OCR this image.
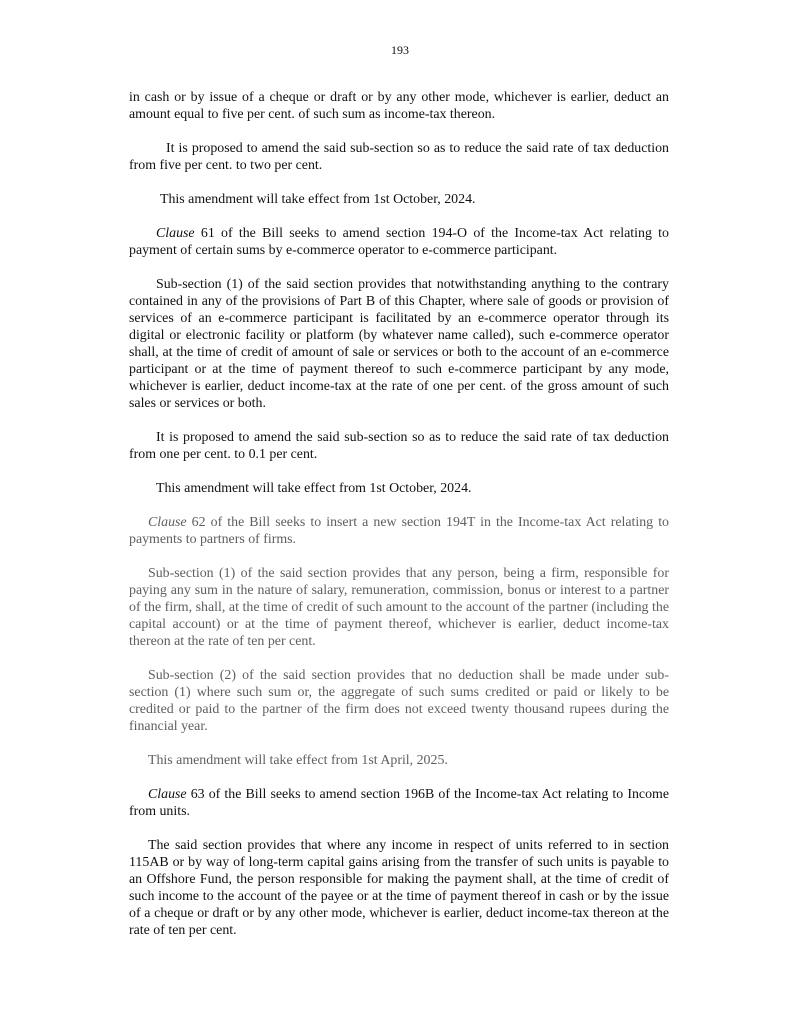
193

in cash or by issue of a cheque or draft or by any other mode, whichever is earlier, deduct an amount equal to five per cent. of such sum as income-tax thereon.

It is proposed to amend the said sub-section so as to reduce the said rate of tax deduction from five per cent. to two per cent.

This amendment will take effect from 1st October, 2024.

Clause 61 of the Bill seeks to amend section 194-O of the Income-tax Act relating to payment of certain sums by e-commerce operator to e-commerce participant.

Sub-section (1) of the said section provides that notwithstanding anything to the contrary contained in any of the provisions of Part B of this Chapter, where sale of goods or provision of services of an e-commerce participant is facilitated by an e-commerce operator through its digital or electronic facility or platform (by whatever name called), such e-commerce operator shall, at the time of credit of amount of sale or services or both to the account of an e-commerce participant or at the time of payment thereof to such e-commerce participant by any mode, whichever is earlier, deduct income-tax at the rate of one per cent. of the gross amount of such sales or services or both.

It is proposed to amend the said sub-section so as to reduce the said rate of tax deduction from one per cent. to 0.1 per cent.

This amendment will take effect from 1st October, 2024.

Clause 62 of the Bill seeks to insert a new section 194T in the Income-tax Act relating to payments to partners of firms.

Sub-section (1) of the said section provides that any person, being a firm, responsible for paying any sum in the nature of salary, remuneration, commission, bonus or interest to a partner of the firm, shall, at the time of credit of such amount to the account of the partner (including the capital account) or at the time of payment thereof, whichever is earlier, deduct income-tax thereon at the rate of ten per cent.

Sub-section (2) of the said section provides that no deduction shall be made under sub-section (1) where such sum or, the aggregate of such sums credited or paid or likely to be credited or paid to the partner of the firm does not exceed twenty thousand rupees during the financial year.

This amendment will take effect from 1st April, 2025.

Clause 63 of the Bill seeks to amend section 196B of the Income-tax Act relating to Income from units.

The said section provides that where any income in respect of units referred to in section 115AB or by way of long-term capital gains arising from the transfer of such units is payable to an Offshore Fund, the person responsible for making the payment shall, at the time of credit of such income to the account of the payee or at the time of payment thereof in cash or by the issue of a cheque or draft or by any other mode, whichever is earlier, deduct income-tax thereon at the rate of ten per cent.
